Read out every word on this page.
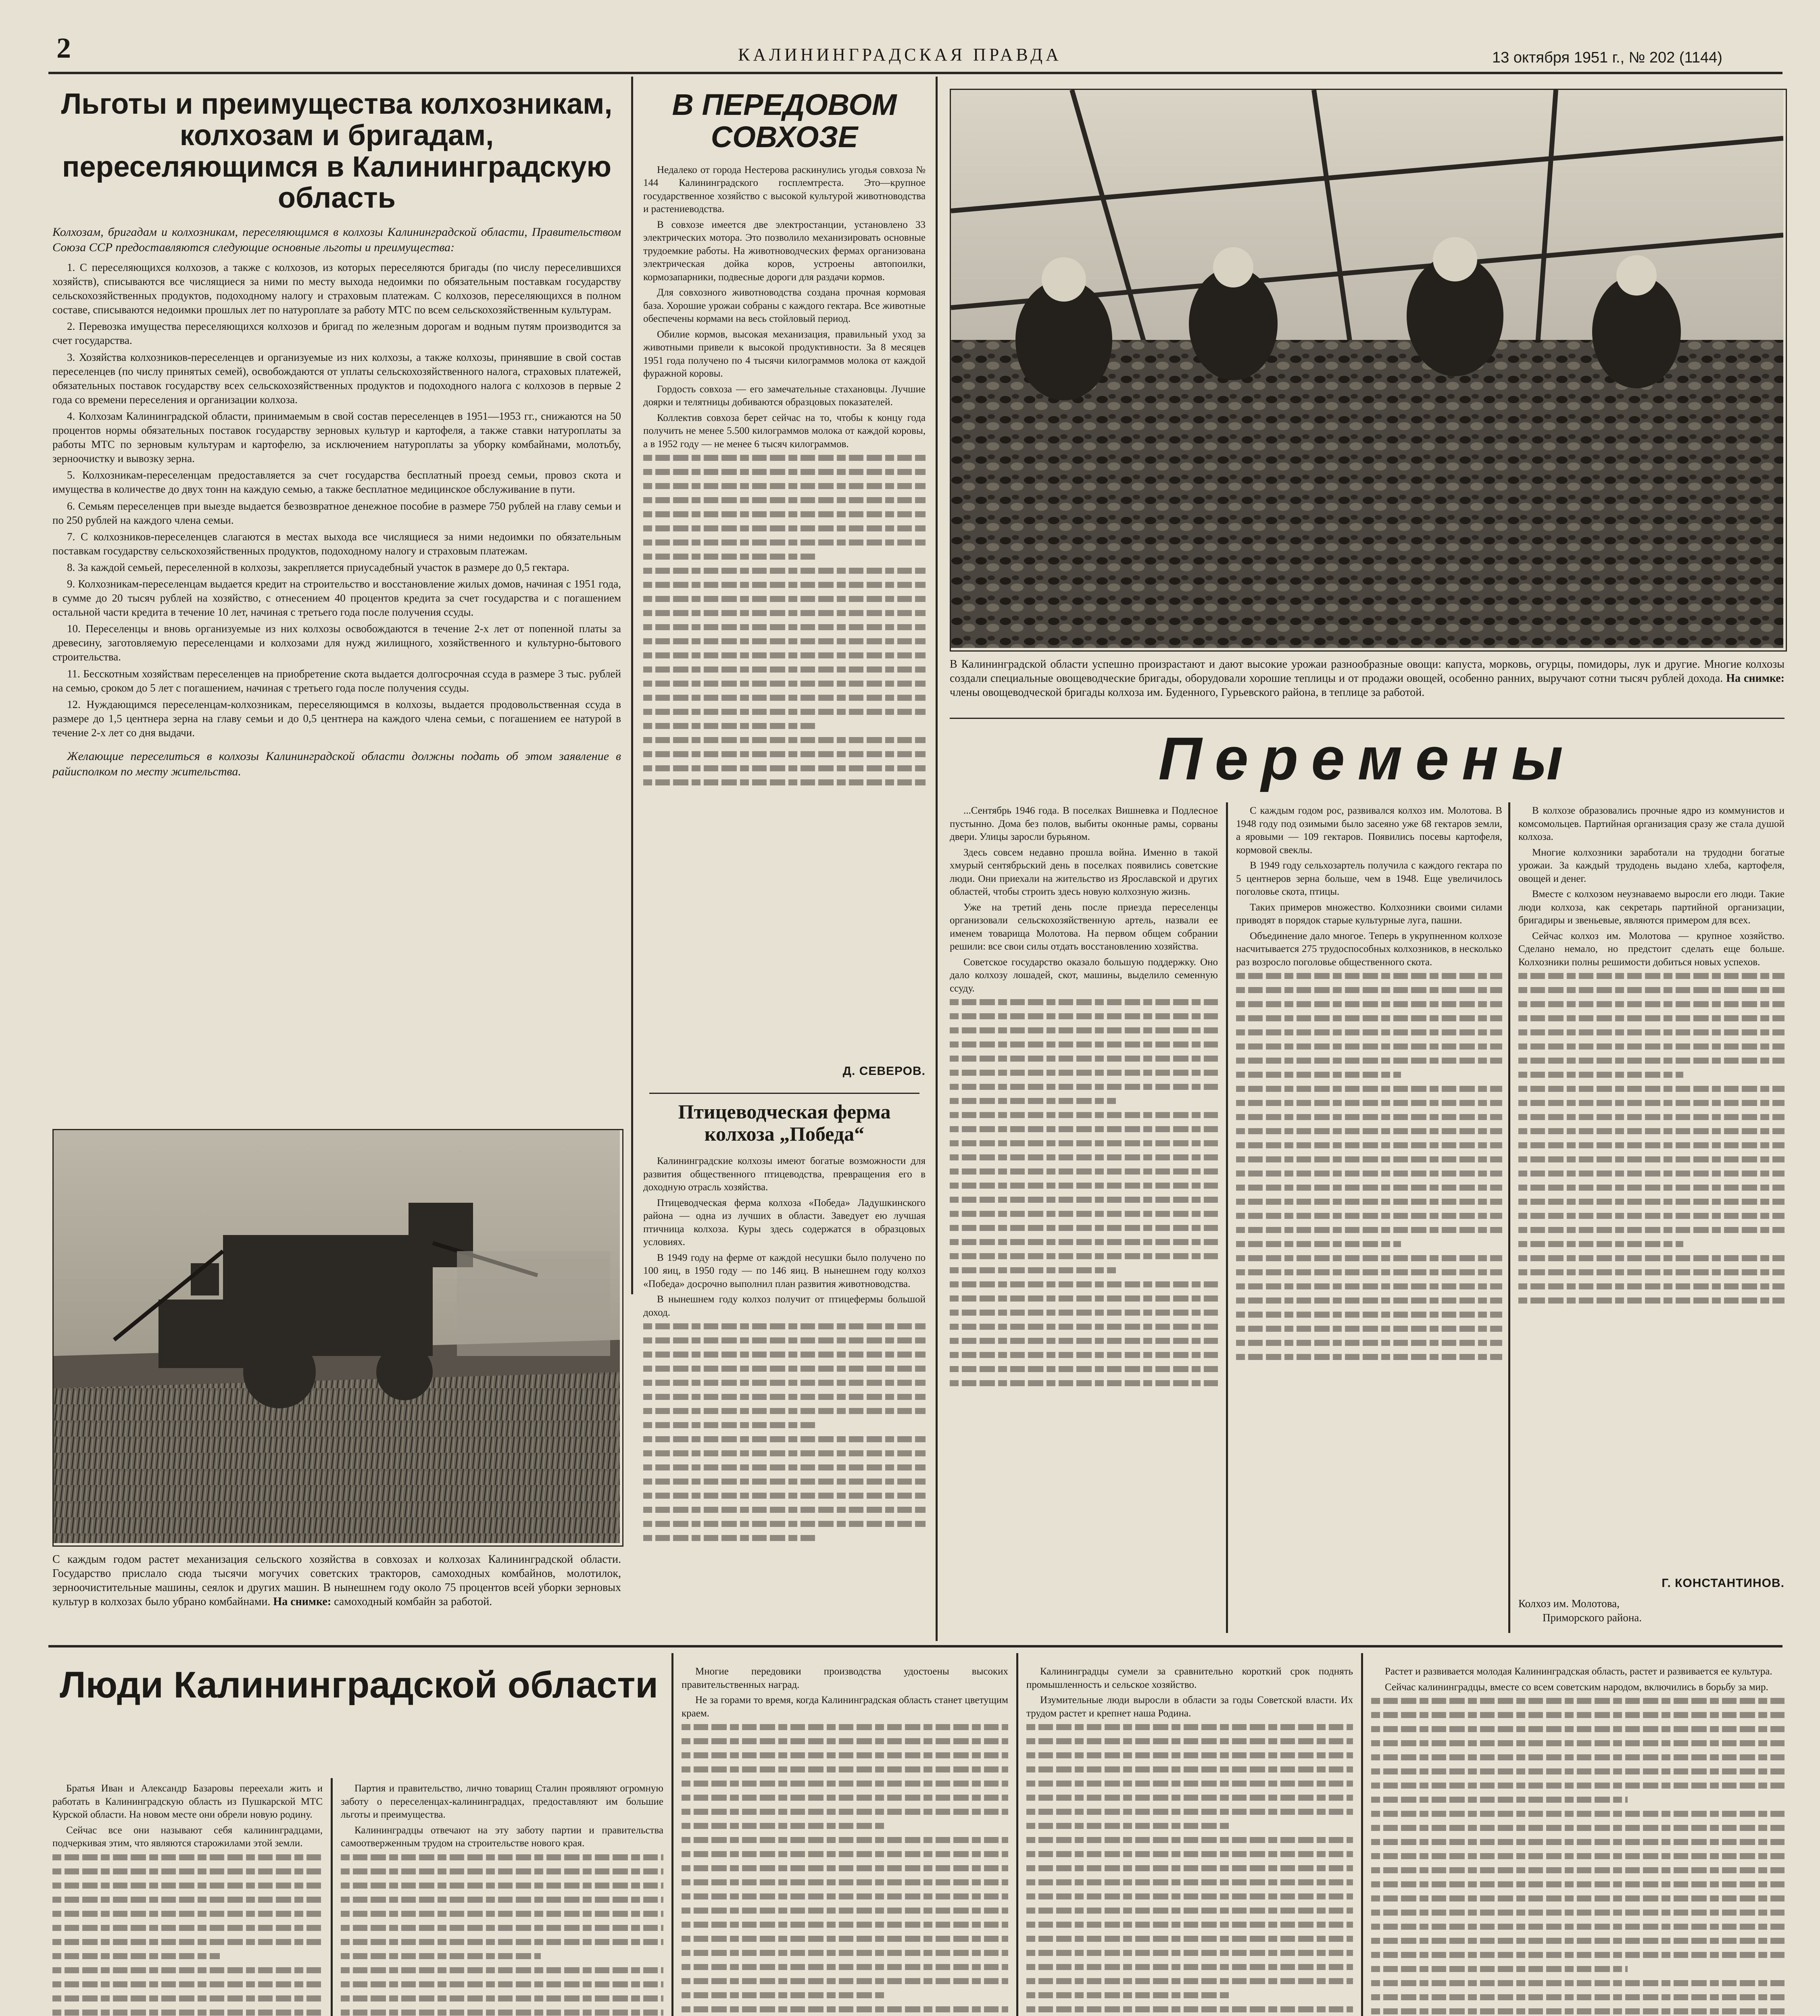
2	КАЛИНИНГРАДСКАЯ ПРАВДА	13 октября 1951 г., № 202 (1144)
Льготы и преимущества колхозникам, колхозам и бригадам, переселяющимся в Калининградскую область

Колхозам, бригадам и колхозникам, переселяющимся в колхозы Калининградской области, Правительством Союза ССР предоставляются следующие основные льготы и преимущества:

1. С переселяющихся колхозов, а также с колхозов, из которых переселяются бригады (по числу переселившихся хозяйств), списываются все числящиеся за ними по месту выхода недоимки по обязательным поставкам государству сельскохозяйственных продуктов, подоходному налогу и страховым платежам. С колхозов, переселяющихся в полном составе, списываются недоимки прошлых лет по натуроплате за работу МТС по всем сельскохозяйственным культурам.

2. Перевозка имущества переселяющихся колхозов и бригад по железным дорогам и водным путям производится за счет государства.

3. Хозяйства колхозников-переселенцев и организуемые из них колхозы, а также колхозы, принявшие в свой состав переселенцев (по числу принятых семей), освобождаются от уплаты сельскохозяйственного налога, страховых платежей, обязательных поставок государству всех сельскохозяйственных продуктов и подоходного налога с колхозов в первые 2 года со времени переселения и организации колхоза.

4. Колхозам Калининградской области, принимаемым в свой состав переселенцев в 1951—1953 гг., снижаются на 50 процентов нормы обязательных поставок государству зерновых культур и картофеля, а также ставки натуроплаты за работы МТС по зерновым культурам и картофелю, за исключением натуроплаты за уборку комбайнами, молотьбу, зерноочистку и вывозку зерна.

5. Колхозникам-переселенцам предоставляется за счет государства бесплатный проезд семьи, провоз скота и имущества в количестве до двух тонн на каждую семью, а также бесплатное медицинское обслуживание в пути.

6. Семьям переселенцев при выезде выдается безвозвратное денежное пособие в размере 750 рублей на главу семьи и по 250 рублей на каждого члена семьи.

7. С колхозников-переселенцев слагаются в местах выхода все числящиеся за ними недоимки по обязательным поставкам государству сельскохозяйственных продуктов, подоходному налогу и страховым платежам.

8. За каждой семьей, переселенной в колхозы, закрепляется приусадебный участок в размере до 0,5 гектара.

9. Колхозникам-переселенцам выдается кредит на строительство и восстановление жилых домов, начиная с 1951 года, в сумме до 20 тысяч рублей на хозяйство, с отнесением 40 процентов кредита за счет государства и с погашением остальной части кредита в течение 10 лет, начиная с третьего года после получения ссуды.

10. Переселенцы и вновь организуемые из них колхозы освобождаются в течение 2-х лет от попенной платы за древесину, заготовляемую переселенцами и колхозами для нужд жилищного, хозяйственного и культурно-бытового строительства.

11. Бесскотным хозяйствам переселенцев на приобретение скота выдается долгосрочная ссуда в размере 3 тыс. рублей на семью, сроком до 5 лет с погашением, начиная с третьего года после получения ссуды.

12. Нуждающимся переселенцам-колхозникам, переселяющимся в колхозы, выдается продовольственная ссуда в размере до 1,5 центнера зерна на главу семьи и до 0,5 центнера на каждого члена семьи, с погашением ее натурой в течение 2-х лет со дня выдачи.

Желающие переселиться в колхозы Калининградской области должны подать об этом заявление в райисполком по месту жительства.

С каждым годом растет механизация сельского хозяйства в совхозах и колхозах Калининградской области. Государство прислало сюда тысячи могучих советских тракторов, самоходных комбайнов, молотилок, зерноочистительные машины, сеялок и других машин. В нынешнем году около 75 процентов всей уборки зерновых культур в колхозах было убрано комбайнами. На снимке: самоходный комбайн за работой.
В ПЕРЕДОВОМ СОВХОЗЕ

Недалеко от города Нестерова раскинулись угодья совхоза № 144 Калининградского госплемтреста. Это—крупное государственное хозяйство с высокой культурой животноводства и растениеводства.

В совхозе имеется две электростанции, установлено 33 электрических мотора. Это позволило механизировать основные трудоемкие работы. На животноводческих фермах организована электрическая дойка коров, устроены автопоилки, кормозапарники, подвесные дороги для раздачи кормов.

Для совхозного животноводства создана прочная кормовая база. Хорошие урожаи собраны с каждого гектара. Все животные обеспечены кормами на весь стойловый период.

Обилие кормов, высокая механизация, правильный уход за животными привели к высокой продуктивности. За 8 месяцев 1951 года получено по 4 тысячи килограммов молока от каждой фуражной коровы.

Гордость совхоза — его замечательные стахановцы. Лучшие доярки и телятницы добиваются образцовых показателей.

Коллектив совхоза берет сейчас на то, чтобы к концу года получить не менее 5.500 килограммов молока от каждой коровы, а в 1952 году — не менее 6 тысяч килограммов.

Д. СЕВЕРОВ.
Птицеводческая ферма колхоза „Победа“

Калининградские колхозы имеют богатые возможности для развития общественного птицеводства, превращения его в доходную отрасль хозяйства.

Птицеводческая ферма колхоза «Победа» Ладушкинского района — одна из лучших в области. Заведует ею лучшая птичница колхоза. Куры здесь содержатся в образцовых условиях.

В 1949 году на ферме от каждой несушки было получено по 100 яиц, в 1950 году — по 146 яиц. В нынешнем году колхоз «Победа» досрочно выполнил план развития животноводства.

В нынешнем году колхоз получит от птицефермы большой доход.

В Калининградской области успешно произрастают и дают высокие урожаи разнообразные овощи: капуста, морковь, огурцы, помидоры, лук и другие. Многие колхозы создали специальные овощеводческие бригады, оборудовали хорошие теплицы и от продажи овощей, особенно ранних, выручают сотни тысяч рублей дохода. На снимке: члены овощеводческой бригады колхоза им. Буденного, Гурьевского района, в теплице за работой.
Перемены

...Сентябрь 1946 года. В поселках Вишневка и Подлесное пустынно. Дома без полов, выбиты оконные рамы, сорваны двери. Улицы заросли бурьяном.

Здесь совсем недавно прошла война. Именно в такой хмурый сентябрьский день в поселках появились советские люди. Они приехали на жительство из Ярославской и других областей, чтобы строить здесь новую колхозную жизнь.

Уже на третий день после приезда переселенцы организовали сельскохозяйственную артель, назвали ее именем товарища Молотова. На первом общем собрании решили: все свои силы отдать восстановлению хозяйства.

Советское государство оказало большую поддержку. Оно дало колхозу лошадей, скот, машины, выделило семенную ссуду.

С каждым годом рос, развивался колхоз им. Молотова. В 1948 году под озимыми было засеяно уже 68 гектаров земли, а яровыми — 109 гектаров. Появились посевы картофеля, кормовой свеклы.

В 1949 году сельхозартель получила с каждого гектара по 5 центнеров зерна больше, чем в 1948. Еще увеличилось поголовье скота, птицы.

Таких примеров множество. Колхозники своими силами приводят в порядок старые культурные луга, пашни.

Объединение дало многое. Теперь в укрупненном колхозе насчитывается 275 трудоспособных колхозников, в несколько раз возросло поголовье общественного скота.

В колхозе образовались прочные ядро из коммунистов и комсомольцев. Партийная организация сразу же стала душой колхоза.

Многие колхозники заработали на трудодни богатые урожаи. За каждый трудодень выдано хлеба, картофеля, овощей и денег.

Вместе с колхозом неузнаваемо выросли его люди. Такие люди колхоза, как секретарь партийной организации, бригадиры и звеньевые, являются примером для всех.

Сейчас колхоз им. Молотова — крупное хозяйство. Сделано немало, но предстоит сделать еще больше. Колхозники полны решимости добиться новых успехов.

Г. КОНСТАНТИНОВ.
Колхоз им. Молотова,
Приморского района.
Люди Калининградской области

Братья Иван и Александр Базаровы переехали жить и работать в Калининградскую область из Пушкарской МТС Курской области. На новом месте они обрели новую родину.

Сейчас все они называют себя калининградцами, подчеркивая этим, что являются старожилами этой земли.

Партия и правительство, лично товарищ Сталин проявляют огромную заботу о переселенцах-калининградцах, предоставляют им большие льготы и преимущества.

Калининградцы отвечают на эту заботу партии и правительства самоотверженным трудом на строительстве нового края.

Многие передовики производства удостоены высоких правительственных наград.

Не за горами то время, когда Калининградская область станет цветущим краем.

Калининградцы сумели за сравнительно короткий срок поднять промышленность и сельское хозяйство.

Изумительные люди выросли в области за годы Советской власти. Их трудом растет и крепнет наша Родина.

Растет и развивается молодая Калининградская область, растет и развивается ее культура.

Сейчас калининградцы, вместе со всем советским народом, включились в борьбу за мир.
